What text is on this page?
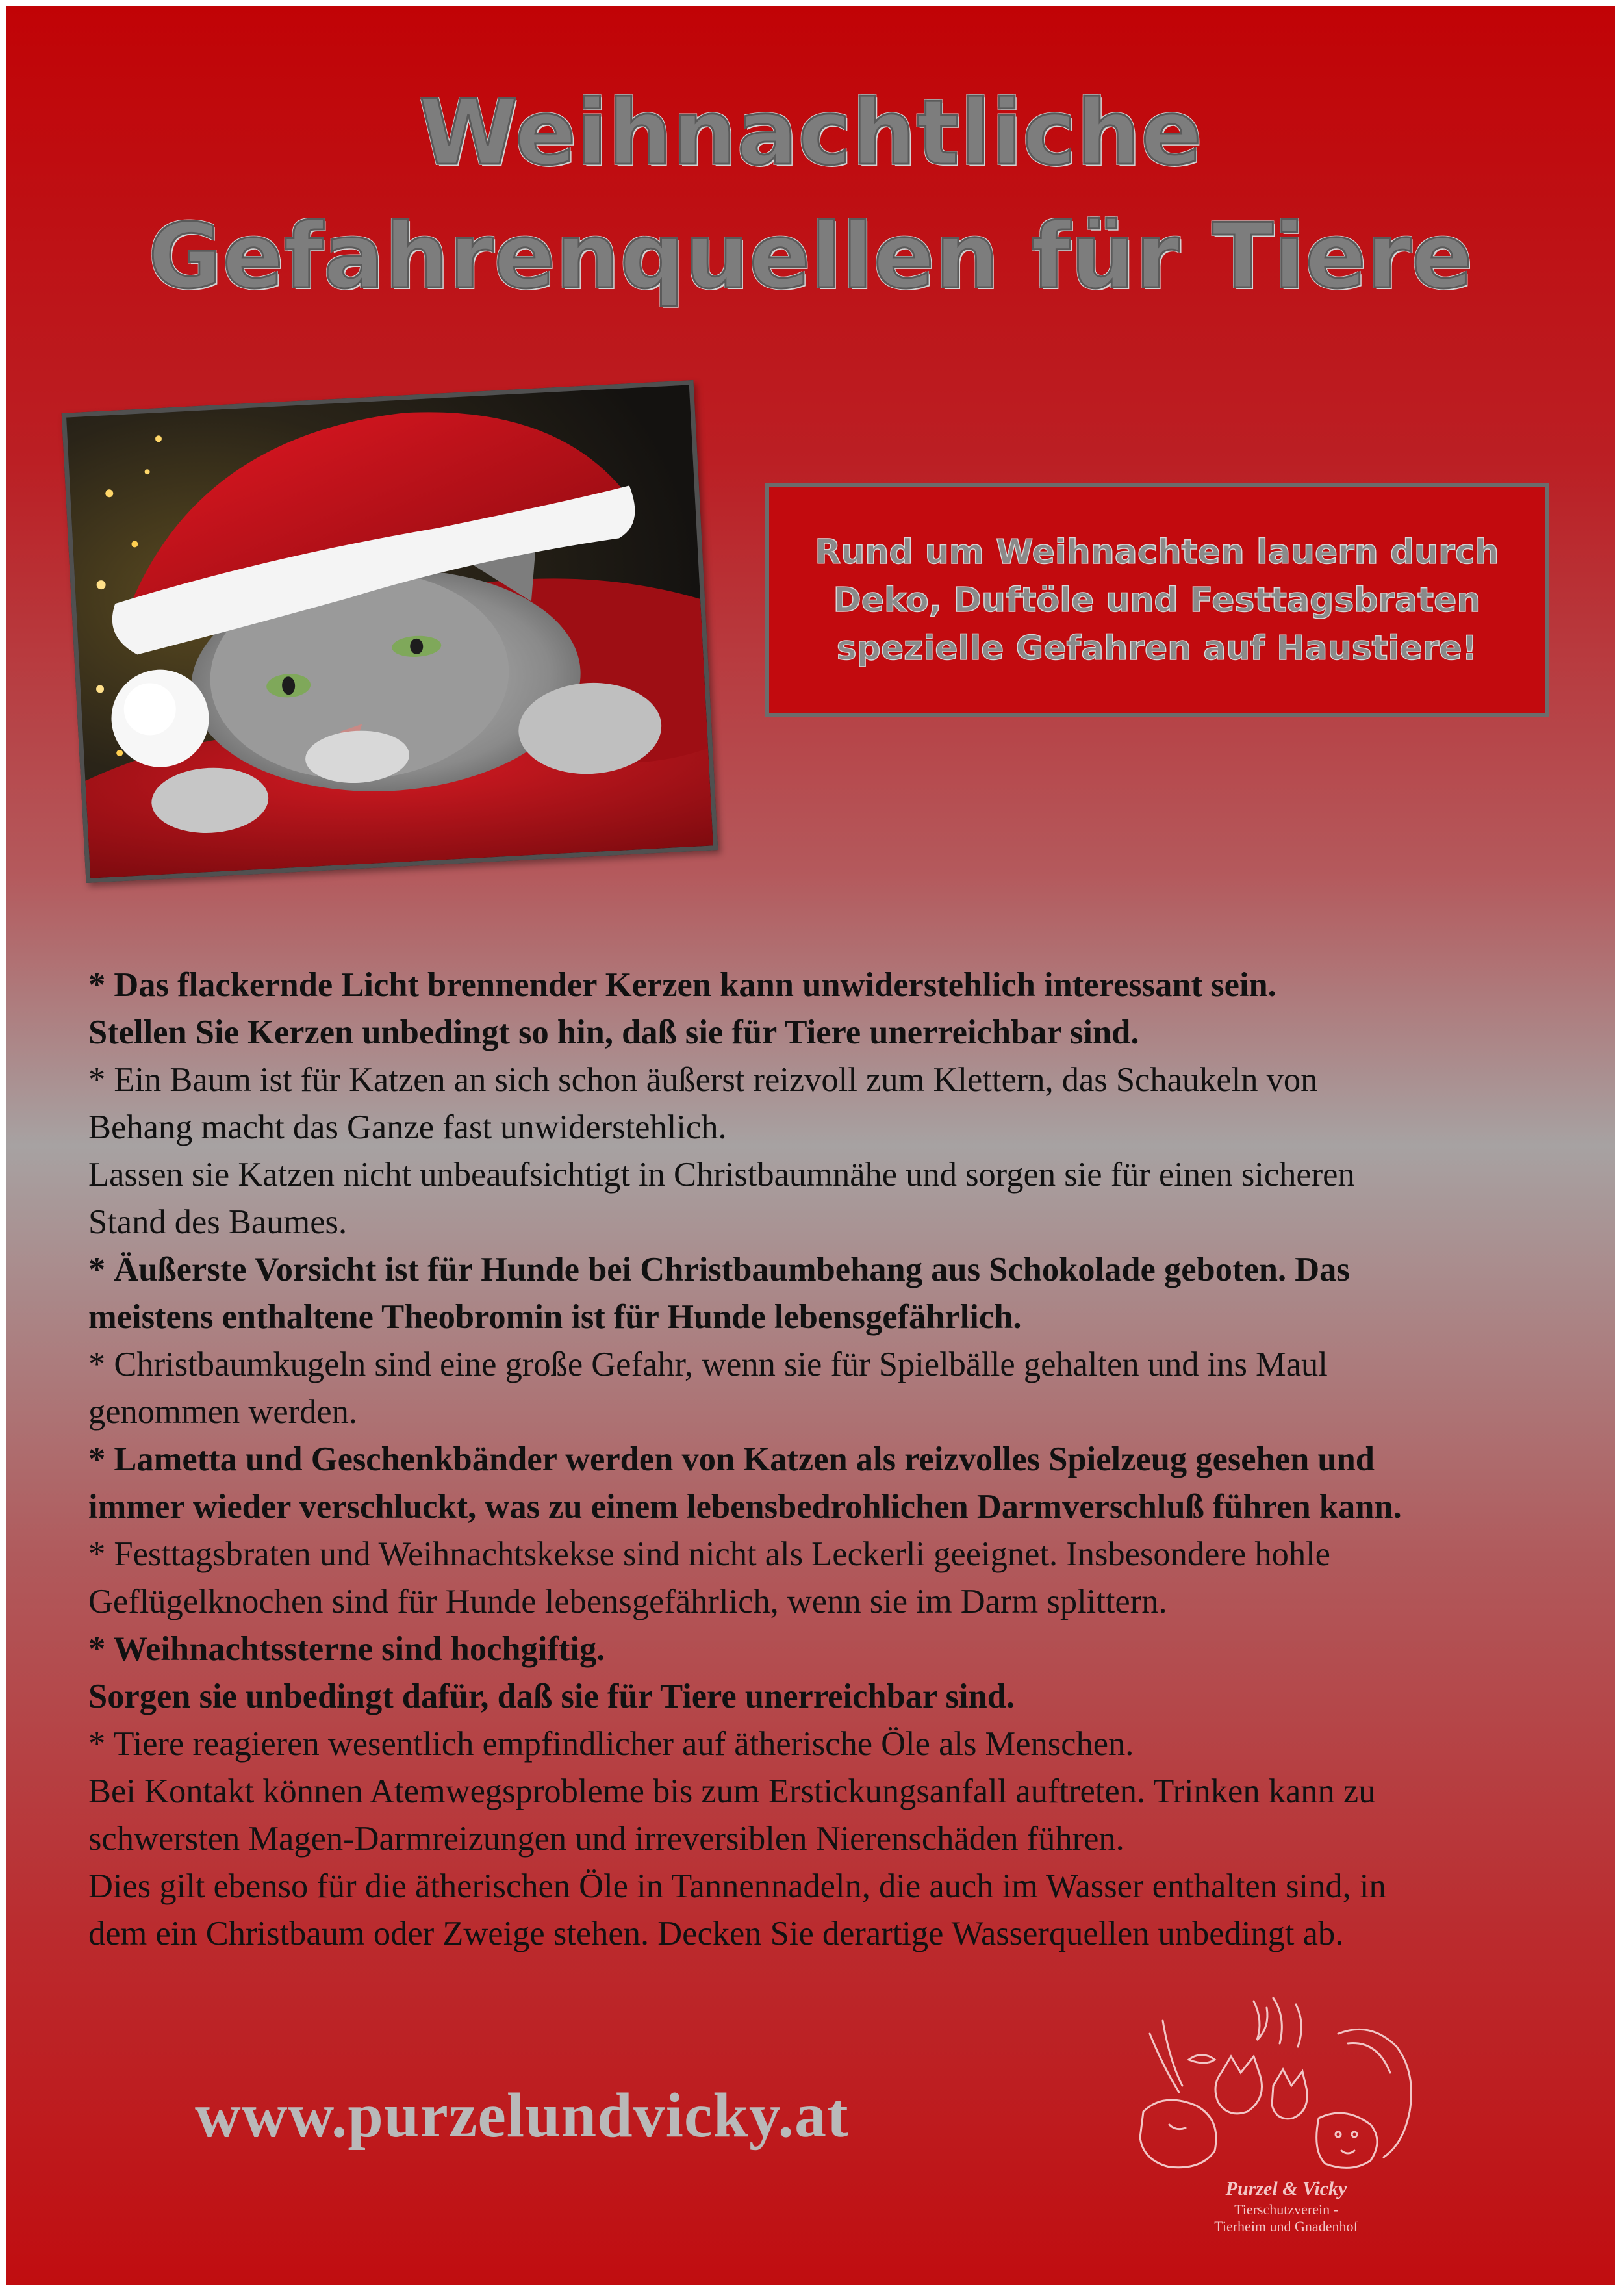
Weihnachtliche
Gefahrenquellen für Tiere
Rund um Weihnachten lauern durch
Deko, Duftöle und Festtagsbraten
spezielle Gefahren auf Haustiere!
* Das flackernde Licht brennender Kerzen kann unwiderstehlich interessant sein.
Stellen Sie Kerzen unbedingt so hin, daß sie für Tiere unerreichbar sind.
* Ein Baum ist für Katzen an sich schon äußerst reizvoll zum Klettern, das Schaukeln von
Behang macht das Ganze fast unwiderstehlich.
Lassen sie Katzen nicht unbeaufsichtigt in Christbaumnähe und sorgen sie für einen sicheren
Stand des Baumes.
* Äußerste Vorsicht ist für Hunde bei Christbaumbehang aus Schokolade geboten. Das
meistens enthaltene Theobromin ist für Hunde lebensgefährlich.
* Christbaumkugeln sind eine große Gefahr, wenn sie für Spielbälle gehalten und ins Maul
genommen werden.
* Lametta und Geschenkbänder werden von Katzen als reizvolles Spielzeug gesehen und
immer wieder verschluckt, was zu einem lebensbedrohlichen Darmverschluß führen kann.
* Festtagsbraten und Weihnachtskekse sind nicht als Leckerli geeignet. Insbesondere hohle
Geflügelknochen sind für Hunde lebensgefährlich, wenn sie im Darm splittern.
* Weihnachtssterne sind hochgiftig.
Sorgen sie unbedingt dafür, daß sie für Tiere unerreichbar sind.
* Tiere reagieren wesentlich empfindlicher auf ätherische Öle als Menschen.
Bei Kontakt können Atemwegsprobleme bis zum Erstickungsanfall auftreten. Trinken kann zu
schwersten Magen-Darmreizungen und irreversiblen Nierenschäden führen.
Dies gilt ebenso für die ätherischen Öle in Tannennadeln, die auch im Wasser enthalten sind, in
dem ein Christbaum oder Zweige stehen. Decken Sie derartige Wasserquellen unbedingt ab.
www.purzelundvicky.at
Purzel & Vicky
Tierschutzverein -
Tierheim und Gnadenhof
